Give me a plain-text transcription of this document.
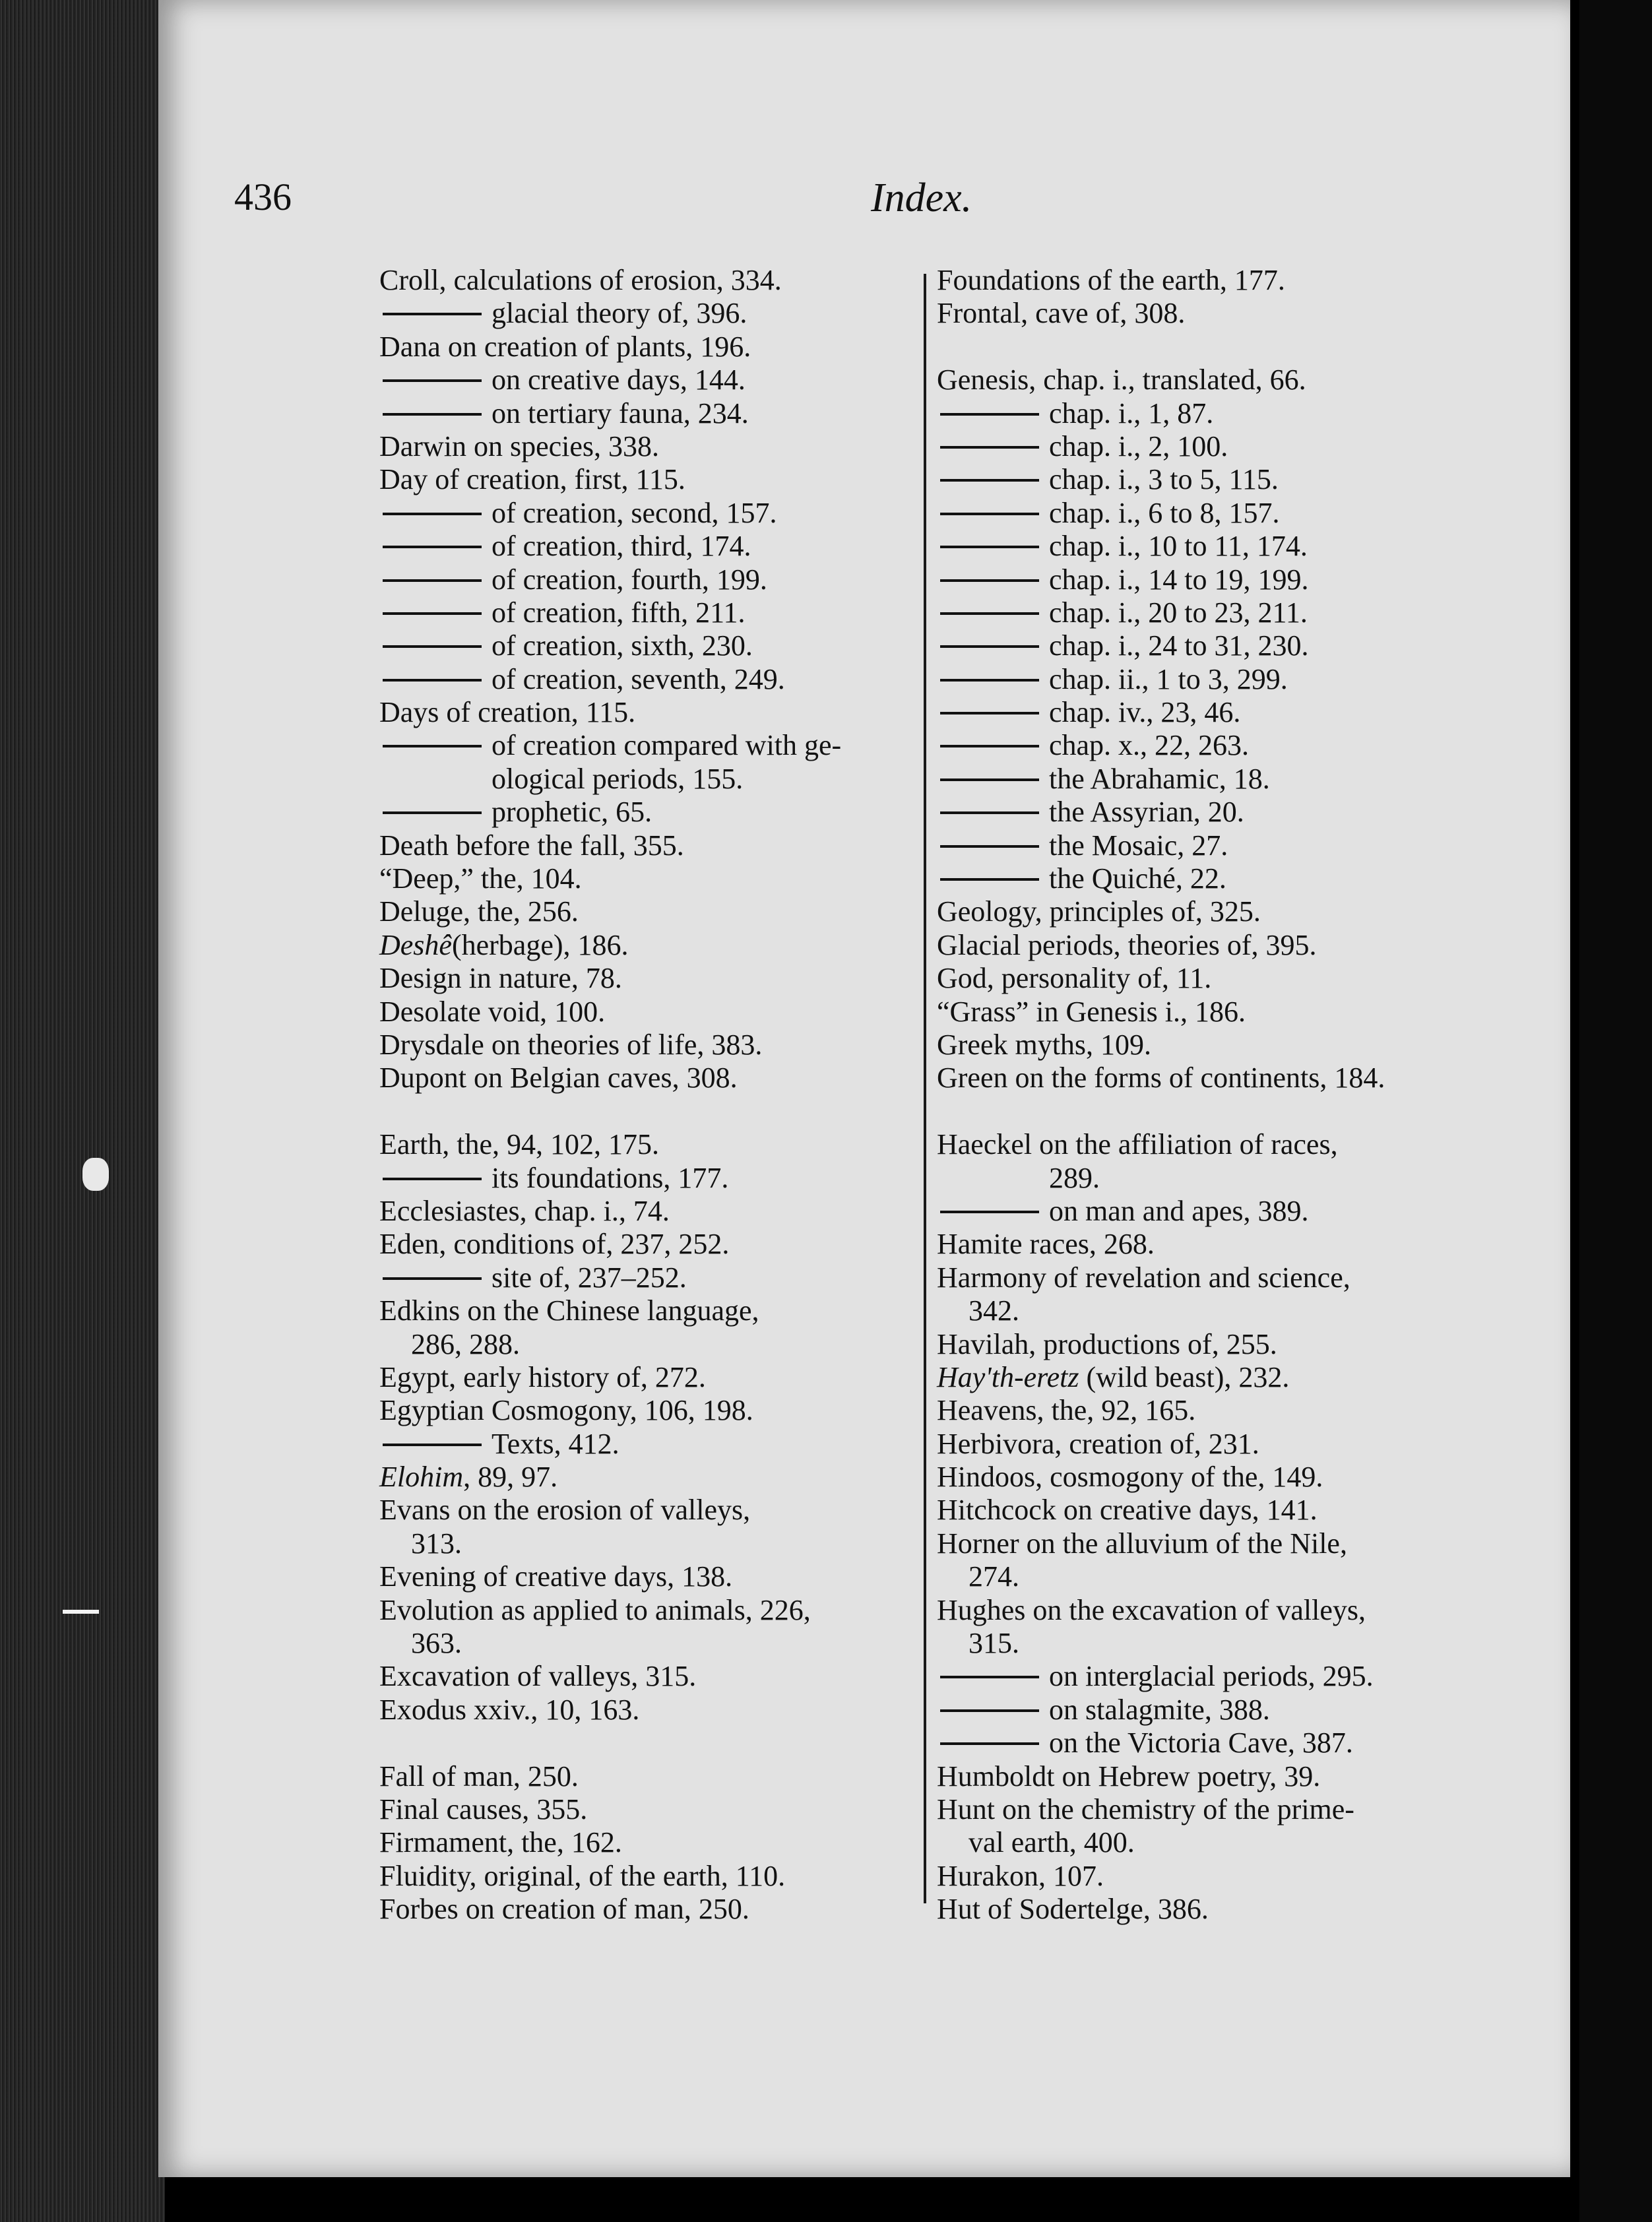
436	Index.
Croll, calculations of erosion, 334.
glacial theory of, 396.
Dana on creation of plants, 196.
on creative days, 144.
on tertiary fauna, 234.
Darwin on species, 338.
Day of creation, first, 115.
of creation, second, 157.
of creation, third, 174.
of creation, fourth, 199.
of creation, fifth, 211.
of creation, sixth, 230.
of creation, seventh, 249.
Days of creation, 115.
of creation compared with ge-
ological periods, 155.
prophetic, 65.
Death before the fall, 355.
“Deep,” the, 104.
Deluge, the, 256.
Deshê(herbage), 186.
Design in nature, 78.
Desolate void, 100.
Drysdale on theories of life, 383.
Dupont on Belgian caves, 308.
Earth, the, 94, 102, 175.
its foundations, 177.
Ecclesiastes, chap. i., 74.
Eden, conditions of, 237, 252.
site of, 237–252.
Edkins on the Chinese language,
286, 288.
Egypt, early history of, 272.
Egyptian Cosmogony, 106, 198.
Texts, 412.
Elohim, 89, 97.
Evans on the erosion of valleys,
313.
Evening of creative days, 138.
Evolution as applied to animals, 226,
363.
Excavation of valleys, 315.
Exodus xxiv., 10, 163.
Fall of man, 250.
Final causes, 355.
Firmament, the, 162.
Fluidity, original, of the earth, 110.
Forbes on creation of man, 250.
Foundations of the earth, 177.
Frontal, cave of, 308.
Genesis, chap. i., translated, 66.
chap. i., 1, 87.
chap. i., 2, 100.
chap. i., 3 to 5, 115.
chap. i., 6 to 8, 157.
chap. i., 10 to 11, 174.
chap. i., 14 to 19, 199.
chap. i., 20 to 23, 211.
chap. i., 24 to 31, 230.
chap. ii., 1 to 3, 299.
chap. iv., 23, 46.
chap. x., 22, 263.
the Abrahamic, 18.
the Assyrian, 20.
the Mosaic, 27.
the Quiché, 22.
Geology, principles of, 325.
Glacial periods, theories of, 395.
God, personality of, 11.
“Grass” in Genesis i., 186.
Greek myths, 109.
Green on the forms of continents, 184.
Haeckel on the affiliation of races,
289.
on man and apes, 389.
Hamite races, 268.
Harmony of revelation and science,
342.
Havilah, productions of, 255.
Hay'th-eretz (wild beast), 232.
Heavens, the, 92, 165.
Herbivora, creation of, 231.
Hindoos, cosmogony of the, 149.
Hitchcock on creative days, 141.
Horner on the alluvium of the Nile,
274.
Hughes on the excavation of valleys,
315.
on interglacial periods, 295.
on stalagmite, 388.
on the Victoria Cave, 387.
Humboldt on Hebrew poetry, 39.
Hunt on the chemistry of the prime-
val earth, 400.
Hurakon, 107.
Hut of Sodertelge, 386.
